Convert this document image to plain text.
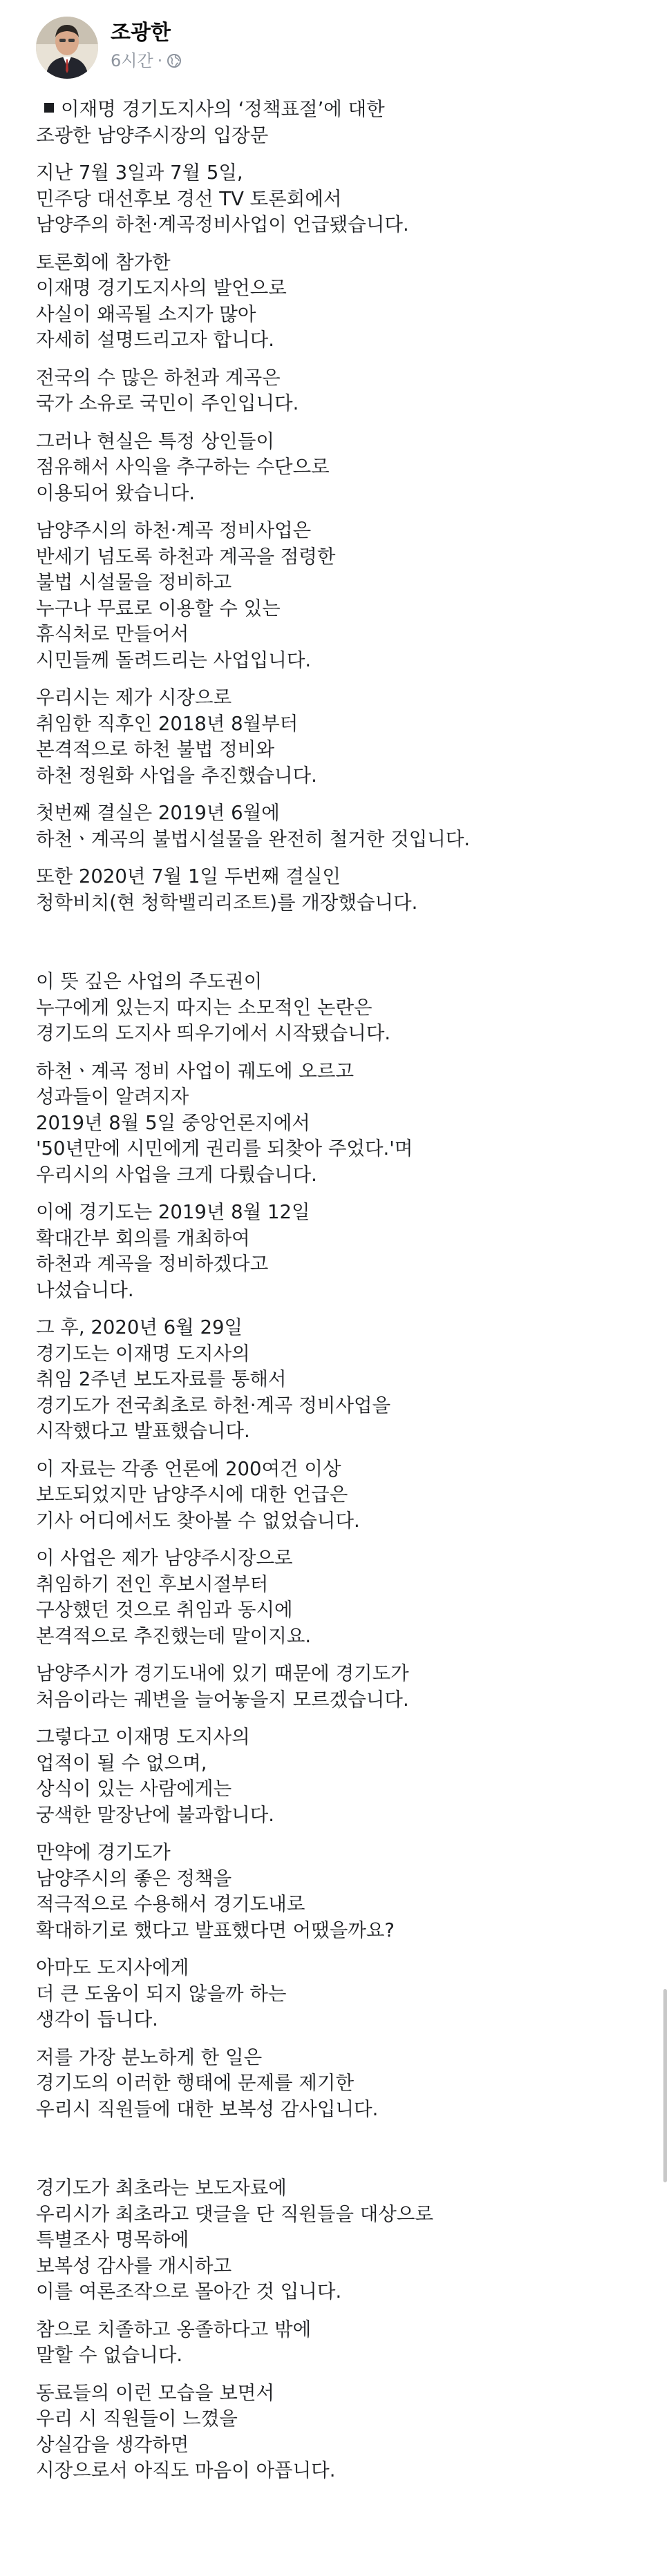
조광한
6시간 ·
이재명 경기도지사의 ‘정책표절’에 대한
조광한 남양주시장의 입장문
지난 7월 3일과 7월 5일,
민주당 대선후보 경선 TV 토론회에서
남양주의 하천·계곡정비사업이 언급됐습니다.
토론회에 참가한
이재명 경기도지사의 발언으로
사실이 왜곡될 소지가 많아
자세히 설명드리고자 합니다.
전국의 수 많은 하천과 계곡은
국가 소유로 국민이 주인입니다.
그러나 현실은 특정 상인들이
점유해서 사익을 추구하는 수단으로
이용되어 왔습니다.
남양주시의 하천·계곡 정비사업은
반세기 넘도록 하천과 계곡을 점령한
불법 시설물을 정비하고
누구나 무료로 이용할 수 있는
휴식처로 만들어서
시민들께 돌려드리는 사업입니다.
우리시는 제가 시장으로
취임한 직후인 2018년 8월부터
본격적으로 하천 불법 정비와
하천 정원화 사업을 추진했습니다.
첫번째 결실은 2019년 6월에
하천ㆍ계곡의 불법시설물을 완전히 철거한 것입니다.
또한 2020년 7월 1일 두번째 결실인
청학비치(현 청학밸리리조트)를 개장했습니다.
이 뜻 깊은 사업의 주도권이
누구에게 있는지 따지는 소모적인 논란은
경기도의 도지사 띄우기에서 시작됐습니다.
하천ㆍ계곡 정비 사업이 궤도에 오르고
성과들이 알려지자
2019년 8월 5일 중앙언론지에서
'50년만에 시민에게 권리를 되찾아 주었다.'며
우리시의 사업을 크게 다뤘습니다.
이에 경기도는 2019년 8월 12일
확대간부 회의를 개최하여
하천과 계곡을 정비하겠다고
나섰습니다.
그 후, 2020년 6월 29일
경기도는 이재명 도지사의
취임 2주년 보도자료를 통해서
경기도가 전국최초로 하천·계곡 정비사업을
시작했다고 발표했습니다.
이 자료는 각종 언론에 200여건 이상
보도되었지만 남양주시에 대한 언급은
기사 어디에서도 찾아볼 수 없었습니다.
이 사업은 제가 남양주시장으로
취임하기 전인 후보시절부터
구상했던 것으로 취임과 동시에
본격적으로 추진했는데 말이지요.
남양주시가 경기도내에 있기 때문에 경기도가
처음이라는 궤변을 늘어놓을지 모르겠습니다.
그렇다고 이재명 도지사의
업적이 될 수 없으며,
상식이 있는 사람에게는
궁색한 말장난에 불과합니다.
만약에 경기도가
남양주시의 좋은 정책을
적극적으로 수용해서 경기도내로
확대하기로 했다고 발표했다면 어땠을까요?
아마도 도지사에게
더 큰 도움이 되지 않을까 하는
생각이 듭니다.
저를 가장 분노하게 한 일은
경기도의 이러한 행태에 문제를 제기한
우리시 직원들에 대한 보복성 감사입니다.
경기도가 최초라는 보도자료에
우리시가 최초라고 댓글을 단 직원들을 대상으로
특별조사 명목하에
보복성 감사를 개시하고
이를 여론조작으로 몰아간 것 입니다.
참으로 치졸하고 옹졸하다고 밖에
말할 수 없습니다.
동료들의 이런 모습을 보면서
우리 시 직원들이 느꼈을
상실감을 생각하면
시장으로서 아직도 마음이 아픕니다.
